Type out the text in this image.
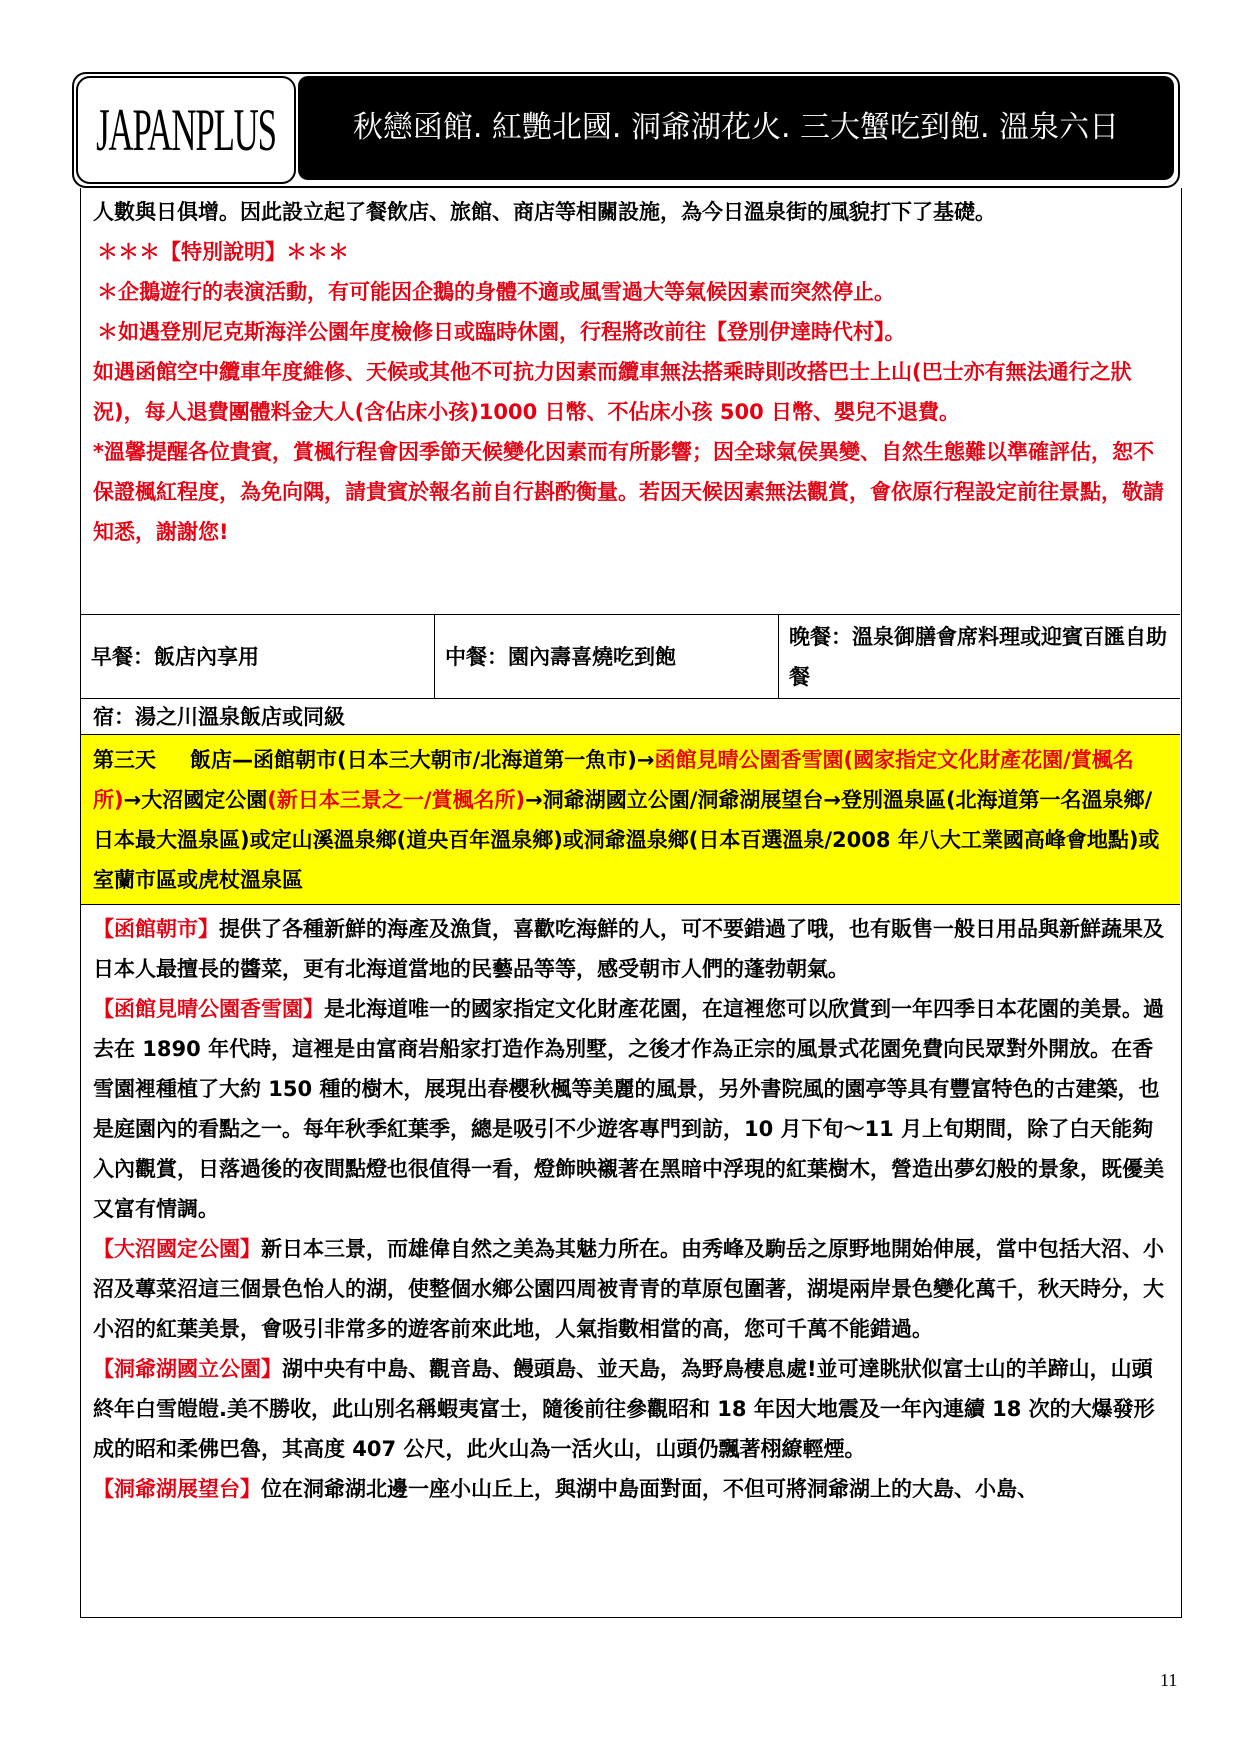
JAPANPLUS	秋戀函館. 紅艷北國. 洞爺湖花火. 三大蟹吃到飽. 溫泉六日

人數與日俱增。因此設立起了餐飲店、旅館、商店等相關設施，為今日溫泉街的風貌打下了基礎。

＊＊＊【特別說明】＊＊＊

＊企鵝遊行的表演活動，有可能因企鵝的身體不適或風雪過大等氣候因素而突然停止。

＊如遇登別尼克斯海洋公園年度檢修日或臨時休園，行程將改前往【登別伊達時代村】。

如遇函館空中纜車年度維修、天候或其他不可抗力因素而纜車無法搭乘時則改搭巴士上山(巴士亦有無法通行之狀況)，每人退費團體料金大人(含佔床小孩)1000 日幣、不佔床小孩 500 日幣、嬰兒不退費。

*溫馨提醒各位貴賓，賞楓行程會因季節天候變化因素而有所影響；因全球氣侯異變、自然生態難以準確評估，恕不保證楓紅程度，為免向隅，請貴賓於報名前自行斟酌衡量。若因天候因素無法觀賞，會依原行程設定前往景點，敬請知悉，謝謝您!

早餐：飯店內享用	中餐：園內壽喜燒吃到飽
晚餐：溫泉御膳會席料理或迎賓百匯自助餐
宿：湯之川溫泉飯店或同級
第三天 飯店—函館朝市(日本三大朝市/北海道第一魚市)→函館見晴公園香雪園(國家指定文化財產花園/賞楓名所)→大沼國定公園(新日本三景之一/賞楓名所)→洞爺湖國立公園/洞爺湖展望台→登別溫泉區(北海道第一名溫泉鄉/日本最大溫泉區)或定山溪溫泉鄉(道央百年溫泉鄉)或洞爺溫泉鄉(日本百選溫泉/2008 年八大工業國高峰會地點)或室蘭市區或虎杖溫泉區

【函館朝市】提供了各種新鮮的海產及漁貨，喜歡吃海鮮的人，可不要錯過了哦，也有販售一般日用品與新鮮蔬果及日本人最擅長的醬菜，更有北海道當地的民藝品等等，感受朝市人們的蓬勃朝氣。

【函館見晴公園香雪園】是北海道唯一的國家指定文化財產花園，在這裡您可以欣賞到一年四季日本花園的美景。過去在 1890 年代時，這裡是由富商岩船家打造作為別墅，之後才作為正宗的風景式花園免費向民眾對外開放。在香雪園裡種植了大約 150 種的樹木，展現出春櫻秋楓等美麗的風景，另外書院風的園亭等具有豐富特色的古建築，也是庭園內的看點之一。每年秋季紅葉季，總是吸引不少遊客專門到訪，10 月下旬～11 月上旬期間，除了白天能夠入內觀賞，日落過後的夜間點燈也很值得一看，燈飾映襯著在黑暗中浮現的紅葉樹木，營造出夢幻般的景象，既優美又富有情調。

【大沼國定公園】新日本三景，而雄偉自然之美為其魅力所在。由秀峰及駒岳之原野地開始伸展，當中包括大沼、小沼及蓴菜沼這三個景色怡人的湖，使整個水鄉公園四周被青青的草原包圍著，湖堤兩岸景色變化萬千，秋天時分，大小沼的紅葉美景，會吸引非常多的遊客前來此地，人氣指數相當的高，您可千萬不能錯過。

【洞爺湖國立公園】湖中央有中島、觀音島、饅頭島、並天島，為野鳥棲息處!並可達眺狀似富士山的羊蹄山，山頭終年白雪皚皚.美不勝收，此山別名稱蝦夷富士，隨後前往參觀昭和 18 年因大地震及一年內連續 18 次的大爆發形成的昭和柔佛巴魯，其高度 407 公尺，此火山為一活火山，山頭仍飄著栩繚輕煙。

【洞爺湖展望台】位在洞爺湖北邊一座小山丘上，與湖中島面對面，不但可將洞爺湖上的大島、小島、

11
